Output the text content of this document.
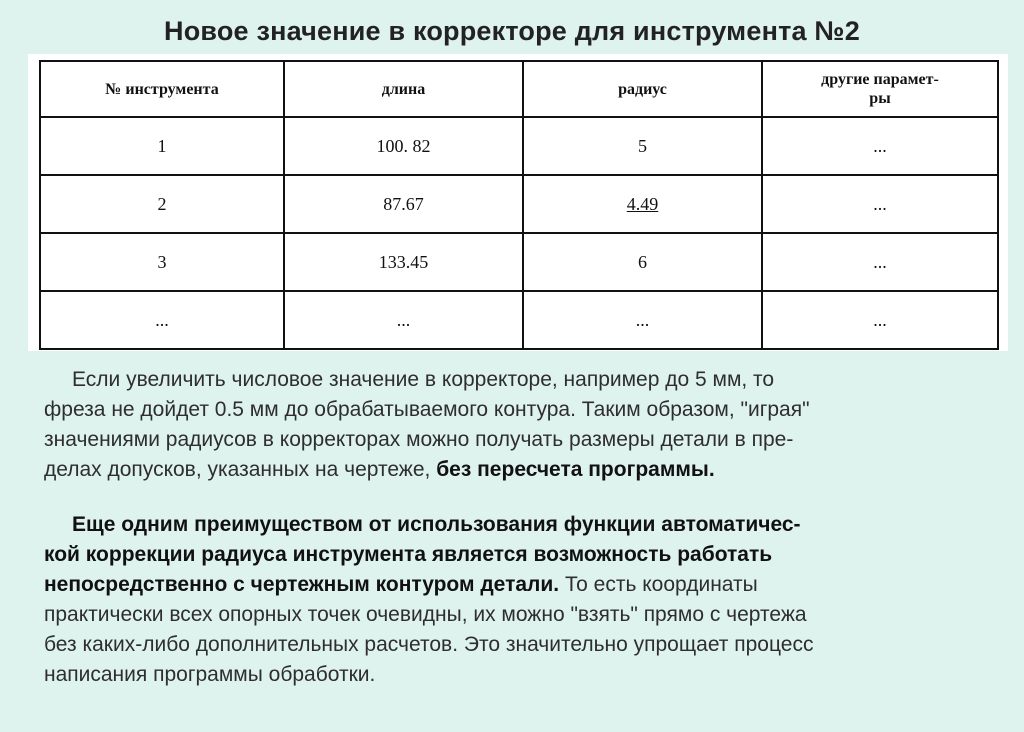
Новое значение в корректоре для инструмента №2
№ инструмента	длина	радиус	другие парамет-
ры
1	100. 82	5	...
2	87.67	4.49	...
3	133.45	6	...
...	...	...	...
Если увеличить числовое значение в корректоре, например до 5 мм, то
фреза не дойдет 0.5 мм до обрабатываемого контура. Таким образом, "играя"
значениями радиусов в корректорах можно получать размеры детали в пре-
делах допусков, указанных на чертеже, без пересчета программы.
Еще одним преимуществом от использования функции автоматичес-
кой коррекции радиуса инструмента является возможность работать
непосредственно с чертежным контуром детали. То есть координаты
практически всех опорных точек очевидны, их можно "взять" прямо с чертежа
без каких-либо дополнительных расчетов. Это значительно упрощает процесс
написания программы обработки.
